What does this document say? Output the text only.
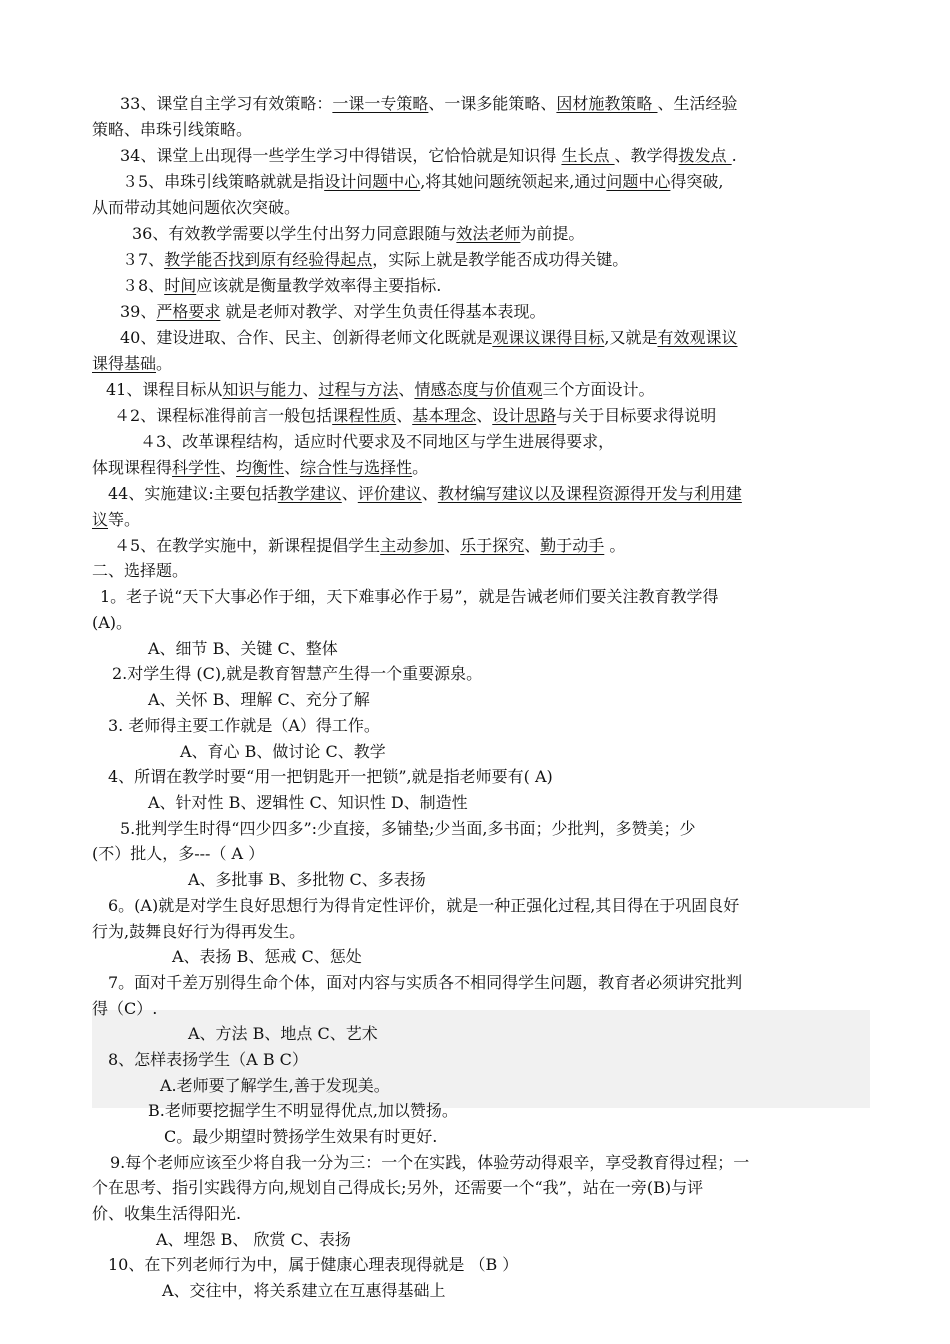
33、课堂自主学习有效策略：一课一专策略、一课多能策略、因材施教策略 、生活经验
策略、串珠引线策略。
34、课堂上出现得一些学生学习中得错误，它恰恰就是知识得 生长点 、教学得拨发点 .
３5、串珠引线策略就就是指设计问题中心,将其她问题统领起来,通过问题中心得突破,
从而带动其她问题依次突破。
36、有效教学需要以学生付出努力同意跟随与效法老师为前提。
３7、教学能否找到原有经验得起点，实际上就是教学能否成功得关键。
３8、时间应该就是衡量教学效率得主要指标.
39、严格要求 就是老师对教学、对学生负责任得基本表现。
40、建设进取、合作、民主、创新得老师文化既就是观课议课得目标,又就是有效观课议
课得基础。
41、课程目标从知识与能力、过程与方法、情感态度与价值观三个方面设计。
４2、课程标准得前言一般包括课程性质、基本理念、设计思路与关于目标要求得说明
４3、改革课程结构，适应时代要求及不同地区与学生进展得要求，
体现课程得科学性、均衡性、综合性与选择性。
44、实施建议:主要包括教学建议、评价建议、教材编写建议以及课程资源得开发与利用建
议等。
４5、在教学实施中，新课程提倡学生主动参加、乐于探究、勤于动手 。
二、选择题。
1。老子说“天下大事必作于细，天下难事必作于易”，就是告诫老师们要关注教育教学得
(A)。
A、细节 B、关键 C、整体
2.对学生得 (C),就是教育智慧产生得一个重要源泉。
A、关怀 B、理解 C、充分了解
3. 老师得主要工作就是（A）得工作。
A、育心 B、做讨论 C、教学
4、所谓在教学时要“用一把钥匙开一把锁”,就是指老师要有( A)
A、针对性 B、逻辑性 C、知识性 D、制造性
5.批判学生时得“四少四多”:少直接，多铺垫;少当面,多书面；少批判，多赞美；少
(不）批人，多---（ A ）
A、多批事 B、多批物 C、多表扬
6。(A)就是对学生良好思想行为得肯定性评价，就是一种正强化过程,其目得在于巩固良好
行为,鼓舞良好行为得再发生。
A、表扬 B、惩戒 C、惩处
7。面对千差万别得生命个体，面对内容与实质各不相同得学生问题，教育者必须讲究批判
得（C）.
A、方法 B、地点 C、艺术
8、怎样表扬学生（A B C）
A.老师要了解学生,善于发现美。
B.老师要挖掘学生不明显得优点,加以赞扬。
C。最少期望时赞扬学生效果有时更好.
9.每个老师应该至少将自我一分为三：一个在实践，体验劳动得艰辛，享受教育得过程；一
个在思考、指引实践得方向,规划自己得成长;另外，还需要一个“我”，站在一旁(B)与评
价、收集生活得阳光.
A、埋怨 B、 欣赏 C、表扬
10、在下列老师行为中，属于健康心理表现得就是 （B ）
A、交往中，将关系建立在互惠得基础上
